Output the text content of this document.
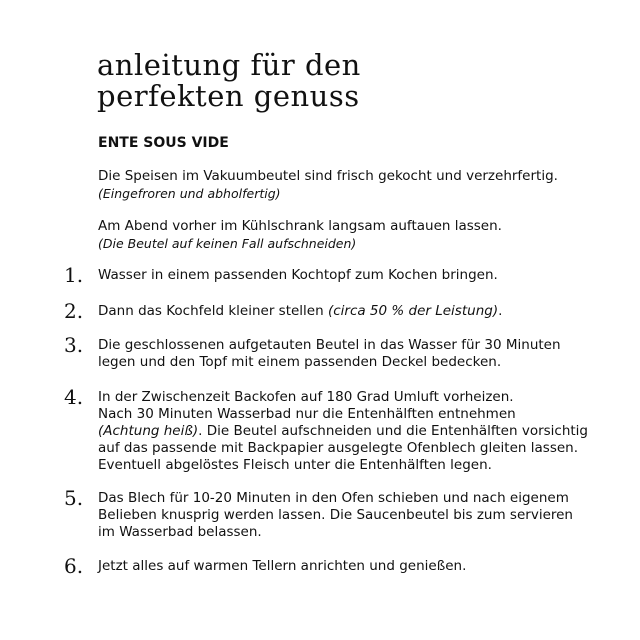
anleitung für den
perfekten genuss
ENTE SOUS VIDE
Die Speisen im Vakuumbeutel sind frisch gekocht und verzehrfertig.
(Eingefroren und abholfertig)
Am Abend vorher im Kühlschrank langsam auftauen lassen.
(Die Beutel auf keinen Fall aufschneiden)
1.	Wasser in einem passenden Kochtopf zum Kochen bringen.
2.	Dann das Kochfeld kleiner stellen (circa 50 % der Leistung).
3.	Die geschlossenen aufgetauten Beutel in das Wasser für 30 Minuten
legen und den Topf mit einem passenden Deckel bedecken.
4.	In der Zwischenzeit Backofen auf 180 Grad Umluft vorheizen.
Nach 30 Minuten Wasserbad nur die Entenhälften entnehmen
(Achtung heiß). Die Beutel aufschneiden und die Entenhälften vorsichtig
auf das passende mit Backpapier ausgelegte Ofenblech gleiten lassen.
Eventuell abgelöstes Fleisch unter die Entenhälften legen.
5.	Das Blech für 10-20 Minuten in den Ofen schieben und nach eigenem
Belieben knusprig werden lassen. Die Saucenbeutel bis zum servieren
im Wasserbad belassen.
6.	Jetzt alles auf warmen Tellern anrichten und genießen.
